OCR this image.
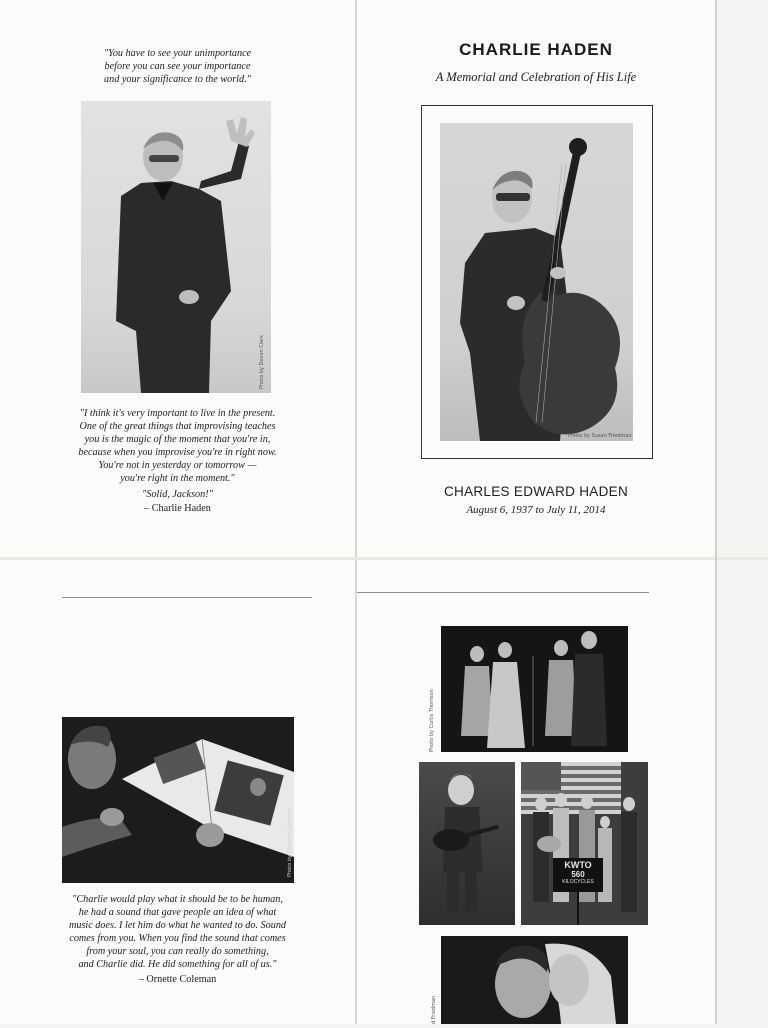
"You have to see your unimportance
before you can see your importance
and your significance to the world."
Photo by Devon Clark
"I think it's very important to live in the present.
One of the great things that improvising teaches
you is the magic of the moment that you're in,
because when you improvise you're in right now.
You're not in yesterday or tomorrow —
you're right in the moment."
"Solid, Jackson!"
– Charlie Haden
CHARLIE HADEN
A Memorial and Celebration of His Life
Photo by Susan Friedman
CHARLES EDWARD HADEN
August 6, 1937 to July 11, 2014
Photo by Devardo Coleman
"Charlie would play what it should be to be human,
he had a sound that gave people an idea of what
music does. I let him do what he wanted to do. Sound
comes from you. When you find the sound that comes
from your soul, you can really do something,
and Charlie did. He did something for all of us."
– Ornette Coleman
Photo by Curtis Thomson
KWTO
560
KILOCYCLES
d Friedman
